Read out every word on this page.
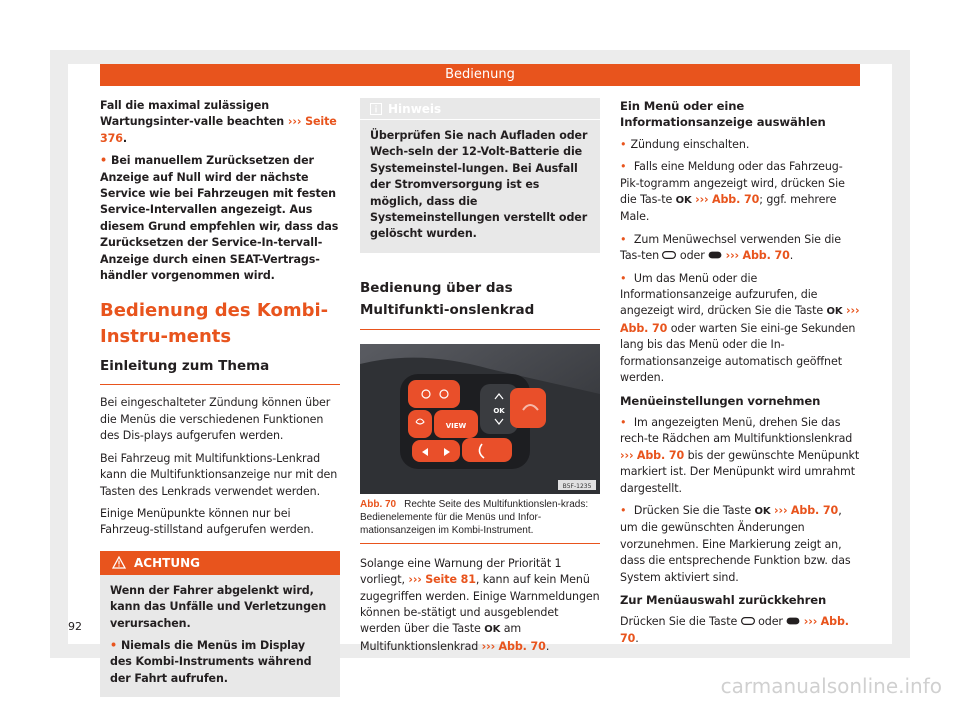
Bedienung

Fall die maximal zulässigen Wartungsinter-valle beachten ››› Seite 376.

• Bei manuellem Zurücksetzen der Anzeige auf Null wird der nächste Service wie bei Fahrzeugen mit festen Service-Intervallen angezeigt. Aus diesem Grund empfehlen wir, dass das Zurücksetzen der Service-In-tervall-Anzeige durch einen SEAT-Vertrags-händler vorgenommen wird.

Bedienung des Kombi-Instru-ments
Einleitung zum Thema

Bei eingeschalteter Zündung können über die Menüs die verschiedenen Funktionen des Dis-plays aufgerufen werden.

Bei Fahrzeug mit Multifunktions-Lenkrad kann die Multifunktionsanzeige nur mit den Tasten des Lenkrads verwendet werden.

Einige Menüpunkte können nur bei Fahrzeug-stillstand aufgerufen werden.

ACHTUNG

Wenn der Fahrer abgelenkt wird, kann das Unfälle und Verletzungen verursachen.

• Niemals die Menüs im Display des Kombi-Instruments während der Fahrt aufrufen.

Hinweis

Überprüfen Sie nach Aufladen oder Wech-seln der 12-Volt-Batterie die Systemeinstel-lungen. Bei Ausfall der Stromversorgung ist es möglich, dass die Systemeinstellungen verstellt oder gelöscht wurden.

Bedienung über das Multifunkti-onslenkrad
VIEW
OK
B5F-1235
Abb. 70 Rechte Seite des Multifunktionslen-krads: Bedienelemente für die Menüs und Infor-mationsanzeigen im Kombi-Instrument.

Solange eine Warnung der Priorität 1 vorliegt, ››› Seite 81, kann auf kein Menü zugegriffen werden. Einige Warnmeldungen können be-stätigt und ausgeblendet werden über die Taste OK am Multifunktionslenkrad ››› Abb. 70.

Ein Menü oder eine Informationsanzeige auswählen

• Zündung einschalten.

• Falls eine Meldung oder das Fahrzeug-Pik-togramm angezeigt wird, drücken Sie die Tas-te OK ››› Abb. 70; ggf. mehrere Male.

• Zum Menüwechsel verwenden Sie die Tas-ten oder ››› Abb. 70.

• Um das Menü oder die Informationsanzeige aufzurufen, die angezeigt wird, drücken Sie die Taste OK ››› Abb. 70 oder warten Sie eini-ge Sekunden lang bis das Menü oder die In-formationsanzeige automatisch geöffnet werden.

Menüeinstellungen vornehmen

• Im angezeigten Menü, drehen Sie das rech-te Rädchen am Multifunktionslenkrad ››› Abb. 70 bis der gewünschte Menüpunkt markiert ist. Der Menüpunkt wird umrahmt dargestellt.

• Drücken Sie die Taste OK ››› Abb. 70, um die gewünschten Änderungen vorzunehmen. Eine Markierung zeigt an, dass die entsprechende Funktion bzw. das System aktiviert sind.

Zur Menüauswahl zurückkehren

Drücken Sie die Taste oder ››› Abb. 70.

92
carmanualsonline.info
